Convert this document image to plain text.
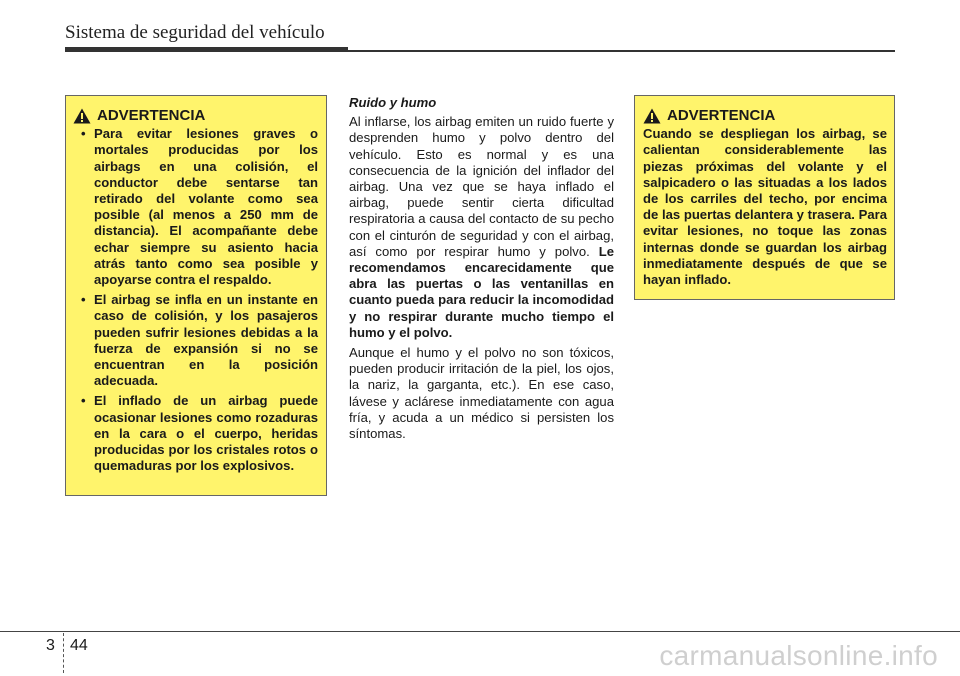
Sistema de seguridad del vehículo
ADVERTENCIA
• Para evitar lesiones graves o mortales producidas por los airbags en una colisión, el conductor debe sentarse tan retirado del volante como sea posible (al menos a 250 mm de distancia). El acompañante debe echar siempre su asiento hacia atrás tanto como sea posible y apoyarse contra el respaldo.
• El airbag se infla en un instante en caso de colisión, y los pasajeros pueden sufrir lesiones debidas a la fuerza de expansión si no se encuentran en la posición adecuada.
• El inflado de un airbag puede ocasionar lesiones como rozaduras en la cara o el cuerpo, heridas producidas por los cristales rotos o quemaduras por los explosivos.
Ruido y humo

Al inflarse, los airbag emiten un ruido fuerte y desprenden humo y polvo dentro del vehículo. Esto es normal y es una consecuencia de la ignición del inflador del airbag. Una vez que se haya inflado el airbag, puede sentir cierta dificultad respiratoria a causa del contacto de su pecho con el cinturón de seguridad y con el airbag, así como por respirar humo y polvo. Le recomendamos encarecidamente que abra las puertas o las ventanillas en cuanto pueda para reducir la incomodidad y no respirar durante mucho tiempo el humo y el polvo.

Aunque el humo y el polvo no son tóxicos, pueden producir irritación de la piel, los ojos, la nariz, la garganta, etc.). En ese caso, lávese y aclárese inmediatamente con agua fría, y acuda a un médico si persisten los síntomas.

ADVERTENCIA

Cuando se despliegan los airbag, se calientan considerablemente las piezas próximas del volante y el salpicadero o las situadas a los lados de los carriles del techo, por encima de las puertas delantera y trasera. Para evitar lesiones, no toque las zonas internas donde se guardan los airbag inmediatamente después de que se hayan inflado.

3 44	carmanualsonline.info
